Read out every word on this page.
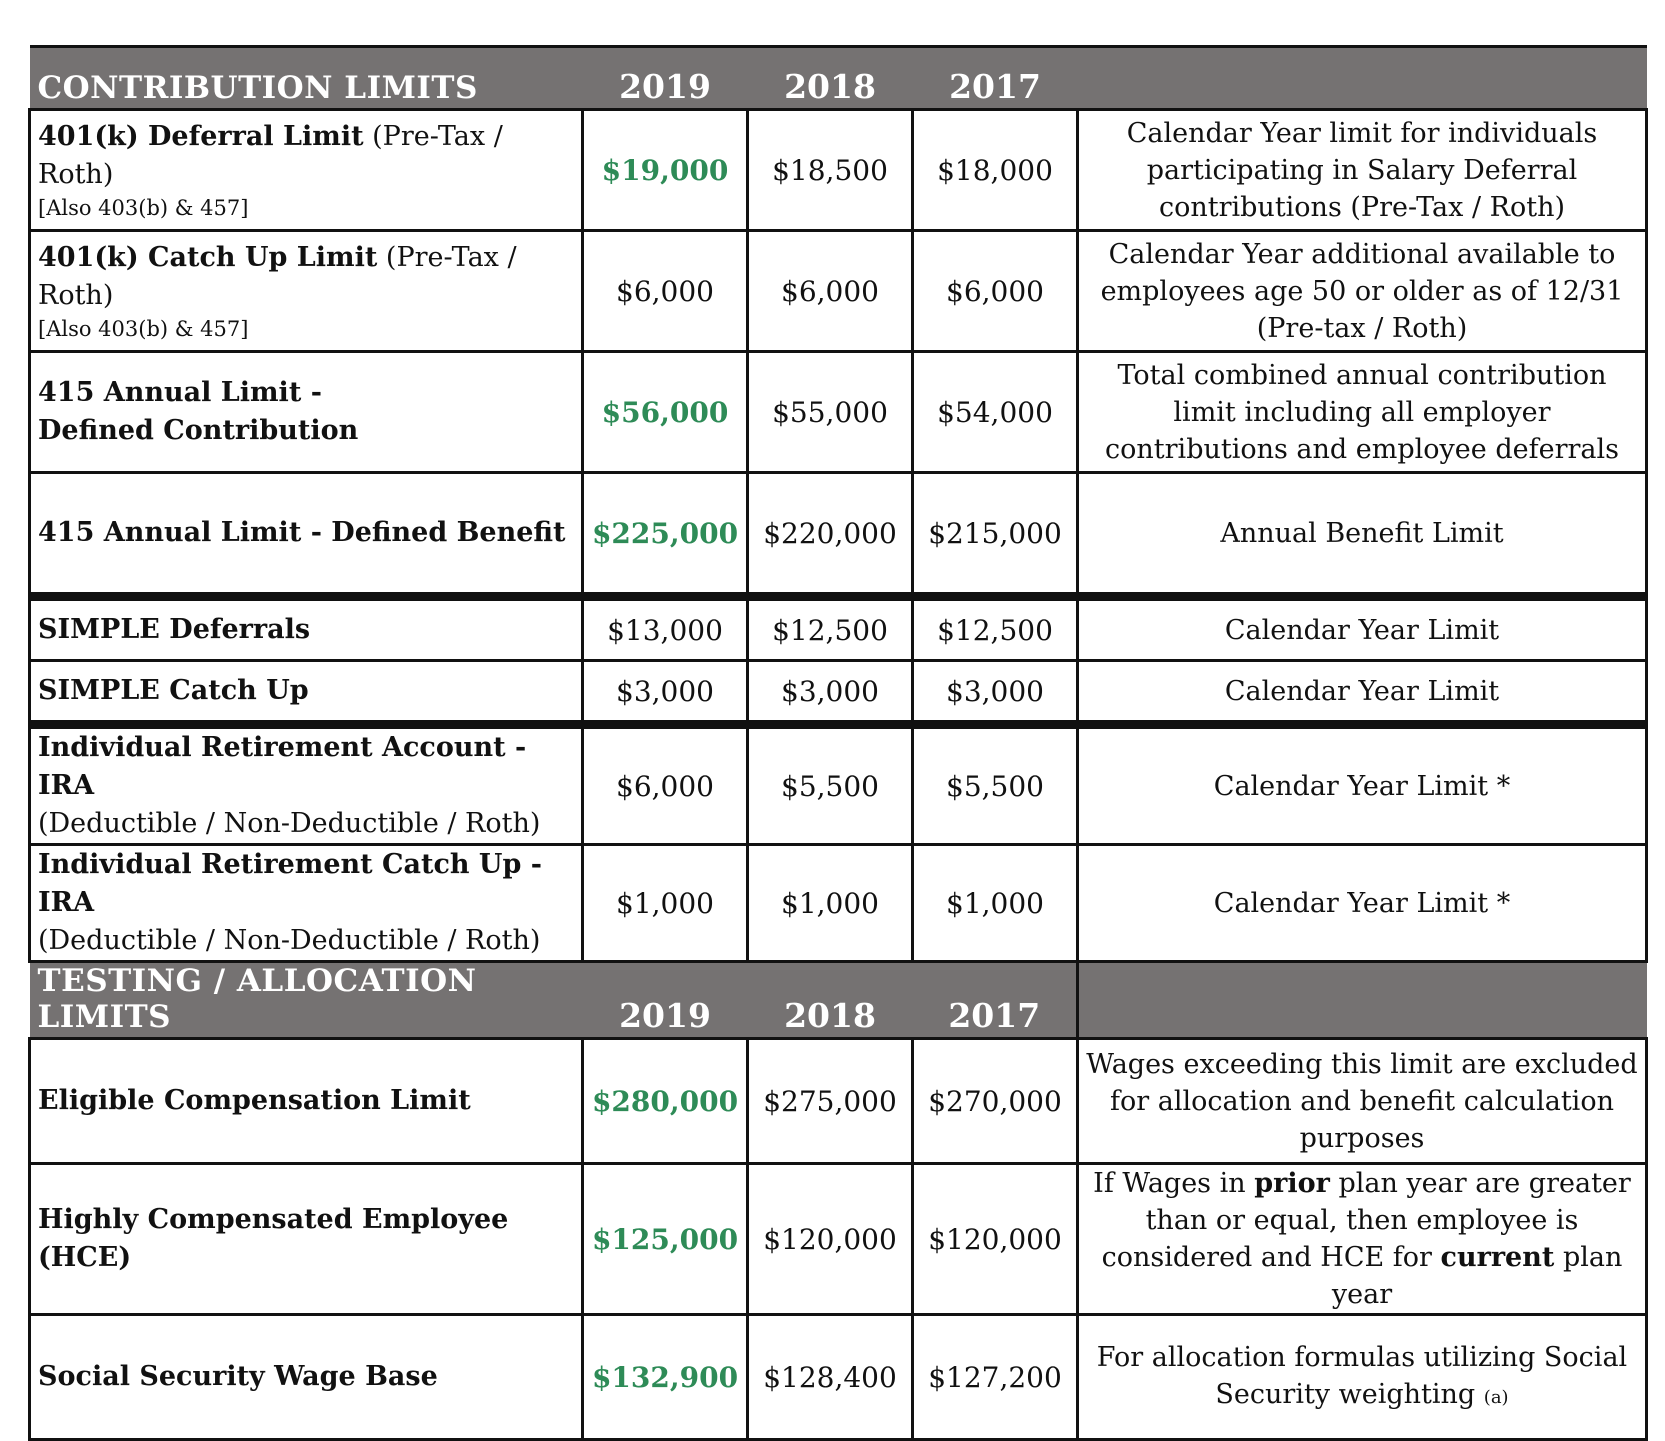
CONTRIBUTION LIMITS	2019	2018	2017	
401(k) Deferral Limit (Pre-Tax / Roth)
[Also 403(b) & 457]	$19,000	$18,500	$18,000	Calendar Year limit for individuals participating in Salary Deferral contributions (Pre-Tax / Roth)
401(k) Catch Up Limit (Pre-Tax / Roth)
[Also 403(b) & 457]	$6,000	$6,000	$6,000	Calendar Year additional available to employees age 50 or older as of 12/31 (Pre-tax / Roth)

415 Annual Limit - Defined Contribution	$56,000	$55,000	$54,000	Total combined annual contribution limit including all employer contributions and employee deferrals
415 Annual Limit - Defined Benefit	$225,000	$220,000	$215,000	Annual Benefit Limit
SIMPLE Deferrals	$13,000	$12,500	$12,500	Calendar Year Limit
SIMPLE Catch Up	$3,000	$3,000	$3,000	Calendar Year Limit
Individual Retirement Account - IRA
(Deductible / Non-Deductible / Roth)	$6,000	$5,500	$5,500	Calendar Year Limit *
Individual Retirement Catch Up - IRA
(Deductible / Non-Deductible / Roth)	$1,000	$1,000	$1,000	Calendar Year Limit *
TESTING / ALLOCATION LIMITS	2019	2018	2017	
Eligible Compensation Limit	$280,000	$275,000	$270,000	Wages exceeding this limit are excluded for allocation and benefit calculation purposes
Highly Compensated Employee (HCE)	$125,000	$120,000	$120,000	If Wages in prior plan year are greater than or equal, then employee is considered and HCE for current plan year
Social Security Wage Base	$132,900	$128,400	$127,200	For allocation formulas utilizing Social Security weighting (a)
